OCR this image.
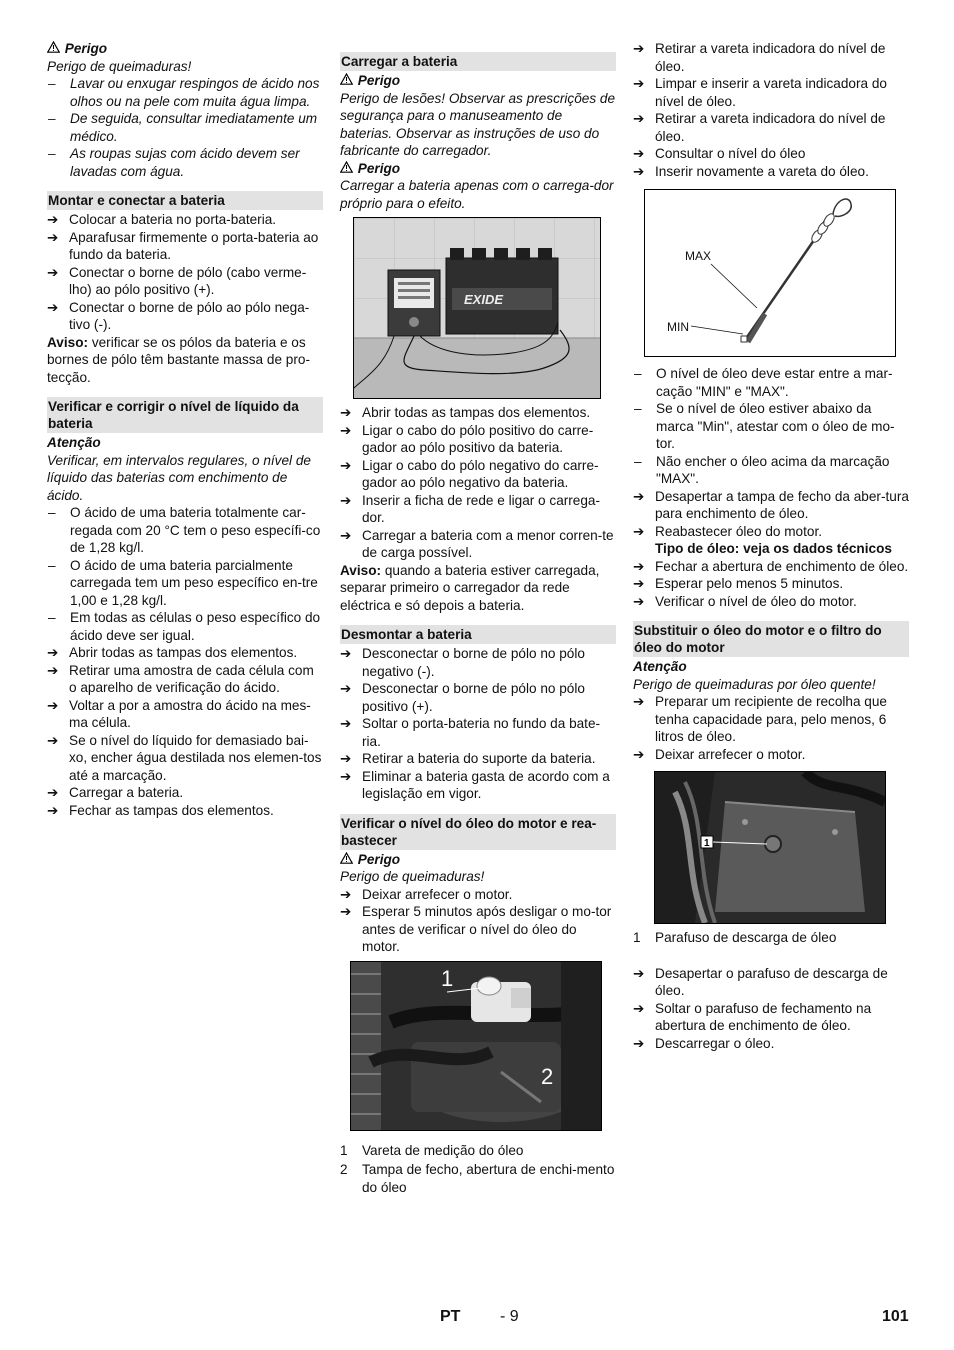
Perigo
Perigo de queimaduras!
–	Lavar ou enxugar respingos de ácido nos olhos ou na pele com muita água limpa.
–	De seguida, consultar imediatamente um médico.
–	As roupas sujas com ácido devem ser lavadas com água.
Montar e conectar a bateria
➔ Colocar a bateria no porta-bateria.
➔ Aparafusar firmemente o porta-bateria ao fundo da bateria.
➔ Conectar o borne de pólo (cabo verme-lho) ao pólo positivo (+).
➔ Conectar o borne de pólo ao pólo nega-tivo (-).
Aviso: verificar se os pólos da bateria e os bornes de pólo têm bastante massa de pro-tecção.
Verificar e corrigir o nível de líquido da bateria
Atenção
Verificar, em intervalos regulares, o nível de líquido das baterias com enchimento de ácido.
–	O ácido de uma bateria totalmente car-regada com 20 °C tem o peso específi-co de 1,28 kg/l.
–	O ácido de uma bateria parcialmente carregada tem um peso específico en-tre 1,00 e 1,28 kg/l.
–	Em todas as células o peso específico do ácido deve ser igual.
➔ Abrir todas as tampas dos elementos.
➔ Retirar uma amostra de cada célula com o aparelho de verificação do ácido.
➔ Voltar a por a amostra do ácido na mes-ma célula.
➔ Se o nível do líquido for demasiado bai-xo, encher água destilada nos elemen-tos até a marcação.
➔ Carregar a bateria.
➔ Fechar as tampas dos elementos.
Carregar a bateria
Perigo
Perigo de lesões! Observar as prescrições de segurança para o manuseamento de baterias. Observar as instruções de uso do fabricante do carregador.
Perigo
Carregar a bateria apenas com o carrega-dor próprio para o efeito.
EXIDE
➔ Abrir todas as tampas dos elementos.
➔ Ligar o cabo do pólo positivo do carre-gador ao pólo positivo da bateria.
➔ Ligar o cabo do pólo negativo do carre-gador ao pólo negativo da bateria.
➔ Inserir a ficha de rede e ligar o carrega-dor.
➔ Carregar a bateria com a menor corren-te de carga possível.
Aviso: quando a bateria estiver carregada, separar primeiro o carregador da rede eléctrica e só depois a bateria.
Desmontar a bateria
➔ Desconectar o borne de pólo no pólo negativo (-).
➔ Desconectar o borne de pólo no pólo positivo (+).
➔ Soltar o porta-bateria no fundo da bate-ria.
➔ Retirar a bateria do suporte da bateria.
➔ Eliminar a bateria gasta de acordo com a legislação em vigor.
Verificar o nível do óleo do motor e rea-bastecer
Perigo
Perigo de queimaduras!
➔ Deixar arrefecer o motor.
➔ Esperar 5 minutos após desligar o mo-tor antes de verificar o nível do óleo do motor.
1
2
1	Vareta de medição do óleo
2	Tampa de fecho, abertura de enchi-mento do óleo
➔ Retirar a vareta indicadora do nível de óleo.
➔ Limpar e inserir a vareta indicadora do nível de óleo.
➔ Retirar a vareta indicadora do nível de óleo.
➔ Consultar o nível do óleo
➔ Inserir novamente a vareta do óleo.
MAX
MIN
–	O nível de óleo deve estar entre a mar-cação "MIN" e "MAX".
–	Se o nível de óleo estiver abaixo da marca "Min", atestar com o óleo de mo-tor.
–	Não encher o óleo acima da marcação "MAX".
➔ Desapertar a tampa de fecho da aber-tura para enchimento de óleo.
➔ Reabastecer óleo do motor.
Tipo de óleo: veja os dados técnicos
➔ Fechar a abertura de enchimento de óleo.
➔ Esperar pelo menos 5 minutos.
➔ Verificar o nível de óleo do motor.
Substituir o óleo do motor e o filtro do óleo do motor
Atenção
Perigo de queimaduras por óleo quente!
➔ Preparar um recipiente de recolha que tenha capacidade para, pelo menos, 6 litros de óleo.
➔ Deixar arrefecer o motor.
1
1	Parafuso de descarga de óleo
➔ Desapertar o parafuso de descarga de óleo.
➔ Soltar o parafuso de fechamento na abertura de enchimento de óleo.
➔ Descarregar o óleo.
PT - 9	101
